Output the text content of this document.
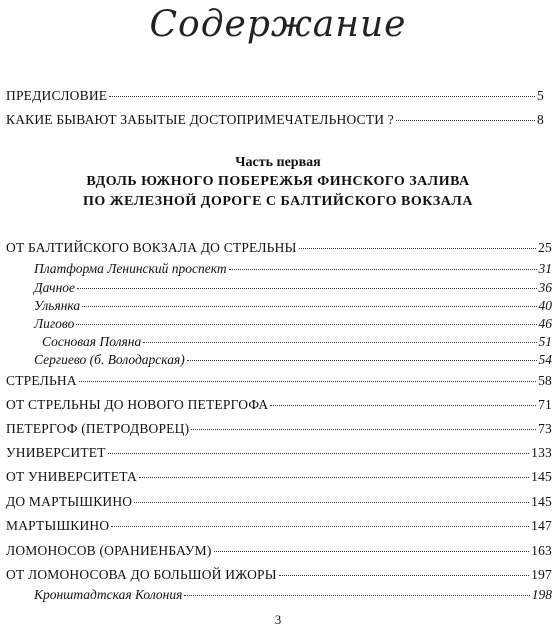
Содержание
ПРЕДИСЛОВИЕ	5
КАКИЕ БЫВАЮТ ЗАБЫТЫЕ ДОСТОПРИМЕЧАТЕЛЬНОСТИ ?	8
Часть первая
ВДОЛЬ ЮЖНОГО ПОБЕРЕЖЬЯ ФИНСКОГО ЗАЛИВА
ПО ЖЕЛЕЗНОЙ ДОРОГЕ С БАЛТИЙСКОГО ВОКЗАЛА
ОТ БАЛТИЙСКОГО ВОКЗАЛА ДО СТРЕЛЬНЫ	25
Платформа Ленинский проспект	31
Дачное	36
Ульянка	40
Лигово	46
Сосновая Поляна	51
Сергиево (б. Володарская)	54
СТРЕЛЬНА	58
ОТ СТРЕЛЬНЫ ДО НОВОГО ПЕТЕРГОФА	71
ПЕТЕРГОФ (ПЕТРОДВОРЕЦ)	73
УНИВЕРСИТЕТ	133
ОТ УНИВЕРСИТЕТА	145
ДО МАРТЫШКИНО	145
МАРТЫШКИНО	147
ЛОМОНОСОВ (ОРАНИЕНБАУМ)	163
ОТ ЛОМОНОСОВА ДО БОЛЬШОЙ ИЖОРЫ	197
Кронштадтская Колония	198
3
